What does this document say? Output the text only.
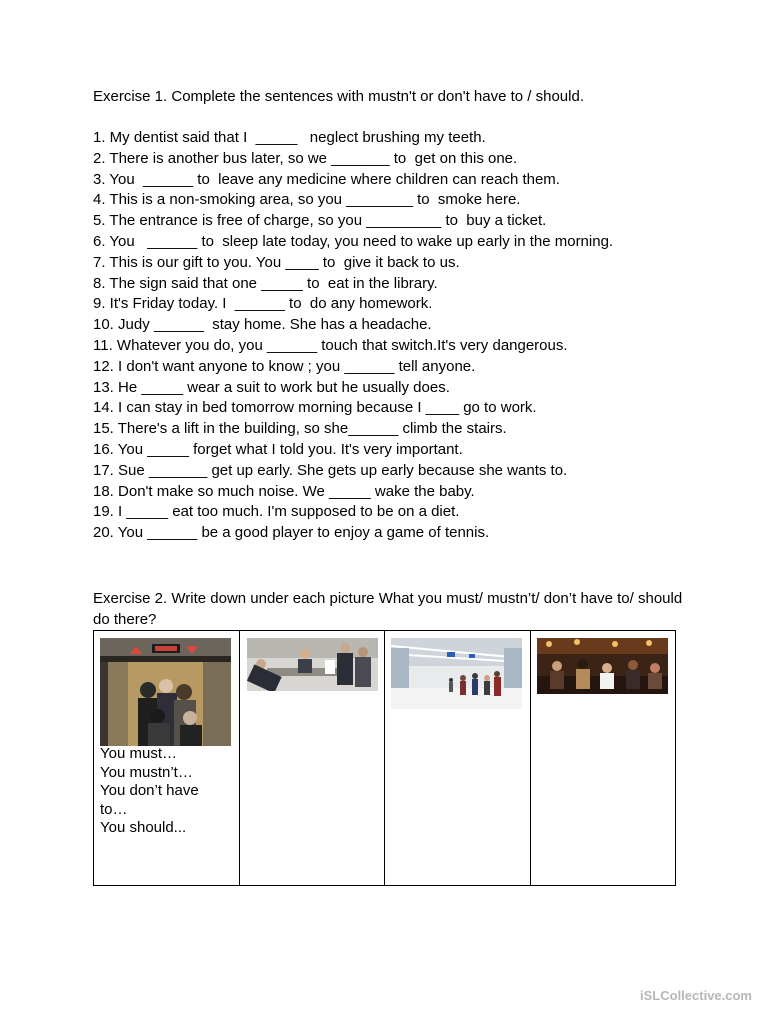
Exercise 1. Complete the sentences with mustn't or don't have to / should.
1. My dentist said that I  _____   neglect brushing my teeth.
2. There is another bus later, so we _______ to  get on this one.
3. You  ______ to  leave any medicine where children can reach them.
4. This is a non-smoking area, so you ________ to  smoke here.
5. The entrance is free of charge, so you _________ to  buy a ticket.
6. You   ______ to  sleep late today, you need to wake up early in the morning.
7. This is our gift to you. You ____ to  give it back to us.
8. The sign said that one _____ to  eat in the library.
9. It's Friday today. I  ______ to  do any homework.
10. Judy ______  stay home. She has a headache.
11. Whatever you do, you ______ touch that switch.It's very dangerous.
12. I don't want anyone to know ; you ______ tell anyone.
13. He _____ wear a suit to work but he usually does.
14. I can stay in bed tomorrow morning because I ____ go to work.
15. There's a lift in the building, so she______ climb the stairs.
16. You _____ forget what I told you. It's very important.
17. Sue _______ get up early. She gets up early because she wants to.
18. Don't make so much noise. We _____ wake the baby.
19. I _____ eat too much. I'm supposed to be on a diet.
20. You ______ be a good player to enjoy a game of tennis.
Exercise 2. Write down under each picture What you must/ mustn’t/ don’t have to/ should do there?
You must…
You mustn’t…
You don’t have to…
You should...

iSLCollective.com
